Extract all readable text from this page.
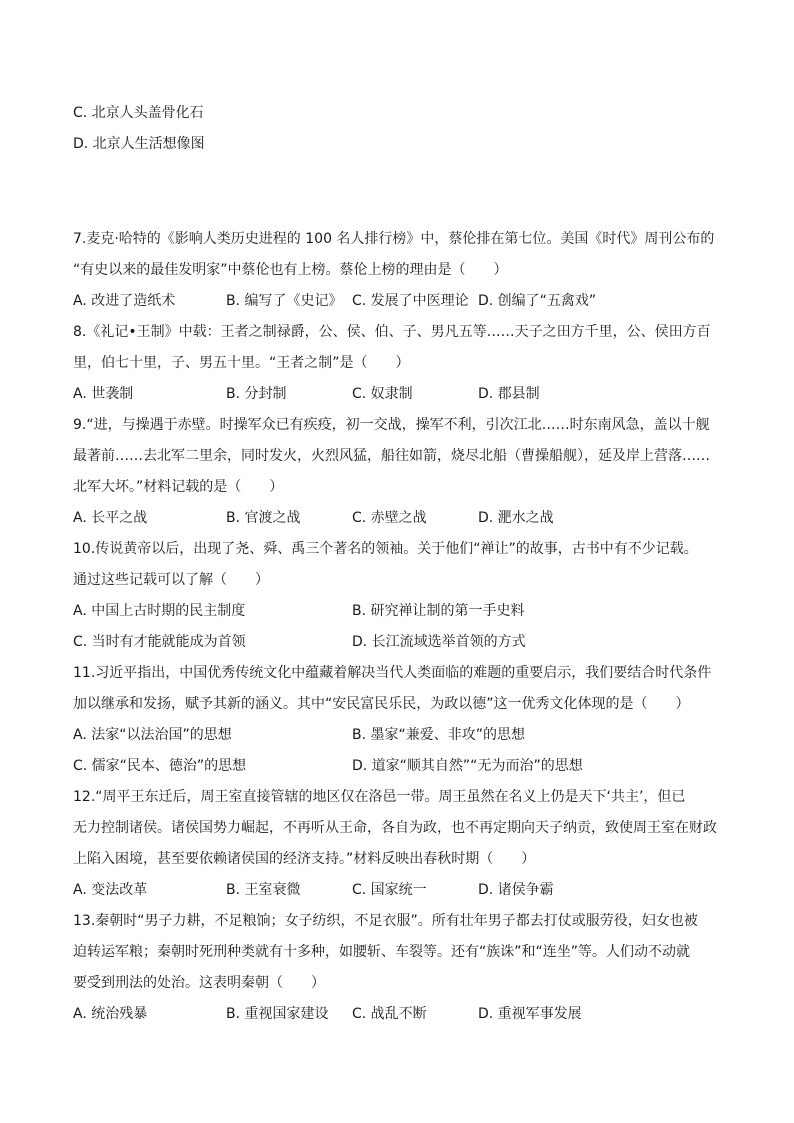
C. 北京人头盖骨化石
D. 北京人生活想像图
7.麦克·哈特的《影响人类历史进程的 100 名人排行榜》中，蔡伦排在第七位。美国《时代》周刊公布的
“有史以来的最佳发明家”中蔡伦也有上榜。蔡伦上榜的理由是（　　）
A. 改进了造纸术	B. 编写了《史记》 C. 发展了中医理论 D. 创编了“五禽戏”
8.《礼记•王制》中载：王者之制禄爵，公、侯、伯、子、男凡五等……天子之田方千里，公、侯田方百
里，伯七十里，子、男五十里。“王者之制”是（　　）
A. 世袭制	B. 分封制	C. 奴隶制	D. 郡县制
9.“进，与操遇于赤壁。时操军众已有疾疫，初一交战，操军不利，引次江北……时东南风急，盖以十舰
最著前……去北军二里余，同时发火，火烈风猛，船往如箭，烧尽北船（曹操船舰），延及岸上营落……
北军大坏。”材料记载的是（　　）
A. 长平之战	B. 官渡之战	C. 赤壁之战	D. 淝水之战
10.传说黄帝以后，出现了尧、舜、禹三个著名的领袖。关于他们“禅让”的故事，古书中有不少记载。
通过这些记载可以了解（　　）
A. 中国上古时期的民主制度	B. 研究禅让制的第一手史料
C. 当时有才能就能成为首领	D. 长江流域选举首领的方式
11.习近平指出，中国优秀传统文化中蕴藏着解决当代人类面临的难题的重要启示，我们要结合时代条件
加以继承和发扬，赋予其新的涵义。其中“安民富民乐民，为政以德”这一优秀文化体现的是（　　）
A. 法家“以法治国”的思想	B. 墨家“兼爱、非攻”的思想
C. 儒家“民本、德治”的思想	D. 道家“顺其自然”“无为而治”的思想
12.“周平王东迁后，周王室直接管辖的地区仅在洛邑一带。周王虽然在名义上仍是天下‘共主’，但已
无力控制诸侯。诸侯国势力崛起，不再听从王命，各自为政，也不再定期向天子纳贡，致使周王室在财政
上陷入困境，甚至要依赖诸侯国的经济支持。”材料反映出春秋时期（　　）
A. 变法改革	B. 王室衰微	C. 国家统一	D. 诸侯争霸
13.秦朝时“男子力耕，不足粮饷；女子纺织，不足衣服”。所有壮年男子都去打仗或服劳役，妇女也被
迫转运军粮；秦朝时死刑种类就有十多种，如腰斩、车裂等。还有“族诛”和“连坐”等。人们动不动就
要受到刑法的处治。这表明秦朝（　　）
A. 统治残暴	B. 重视国家建设 C. 战乱不断	D. 重视军事发展
